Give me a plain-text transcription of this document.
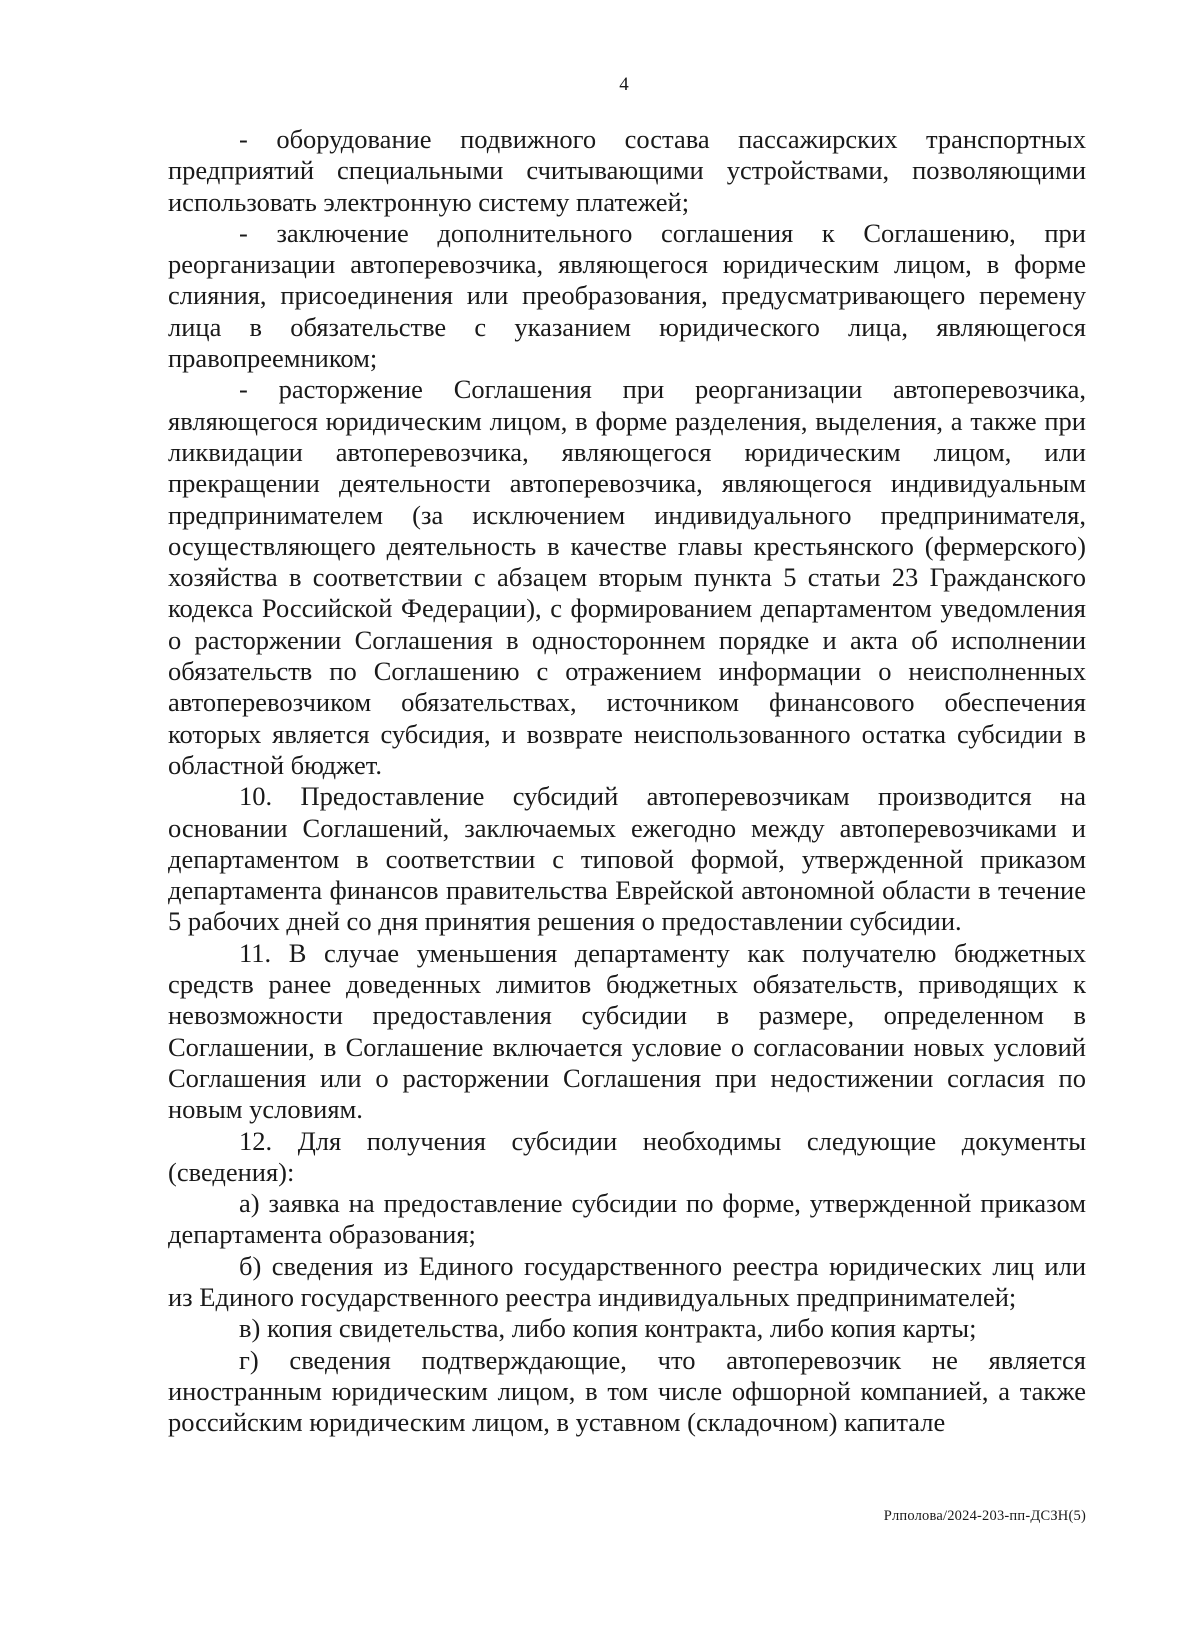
4

- оборудование подвижного состава пассажирских транспортных предприятий специальными считывающими устройствами, позволяющими использовать электронную систему платежей;

- заключение дополнительного соглашения к Соглашению, при реорганизации автоперевозчика, являющегося юридическим лицом, в форме слияния, присоединения или преобразования, предусматривающего перемену лица в обязательстве с указанием юридического лица, являющегося правопреемником;

- расторжение Соглашения при реорганизации автоперевозчика, являющегося юридическим лицом, в форме разделения, выделения, а также при ликвидации автоперевозчика, являющегося юридическим лицом, или прекращении деятельности автоперевозчика, являющегося индивидуальным предпринимателем (за исключением индивидуального предпринимателя, осуществляющего деятельность в качестве главы крестьянского (фермерского) хозяйства в соответствии с абзацем вторым пункта 5 статьи 23 Гражданского кодекса Российской Федерации), с формированием департаментом уведомления о расторжении Соглашения в одностороннем порядке и акта об исполнении обязательств по Соглашению с отражением информации о неисполненных автоперевозчиком обязательствах, источником финансового обеспечения которых является субсидия, и возврате неиспользованного остатка субсидии в областной бюджет.

10. Предоставление субсидий автоперевозчикам производится на основании Соглашений, заключаемых ежегодно между автоперевозчиками и департаментом в соответствии с типовой формой, утвержденной приказом департамента финансов правительства Еврейской автономной области в течение 5 рабочих дней со дня принятия решения о предоставлении субсидии.

11. В случае уменьшения департаменту как получателю бюджетных средств ранее доведенных лимитов бюджетных обязательств, приводящих к невозможности предоставления субсидии в размере, определенном в Соглашении, в Соглашение включается условие о согласовании новых условий Соглашения или о расторжении Соглашения при недостижении согласия по новым условиям.

12. Для получения субсидии необходимы следующие документы (сведения):

а) заявка на предоставление субсидии по форме, утвержденной приказом департамента образования;

б) сведения из Единого государственного реестра юридических лиц или из Единого государственного реестра индивидуальных предпринимателей;

в) копия свидетельства, либо копия контракта, либо копия карты;

г) сведения подтверждающие, что автоперевозчик не является иностранным юридическим лицом, в том числе офшорной компанией, а также российским юридическим лицом, в уставном (складочном) капитале

Рлполова/2024-203-пп-ДСЗН(5)
